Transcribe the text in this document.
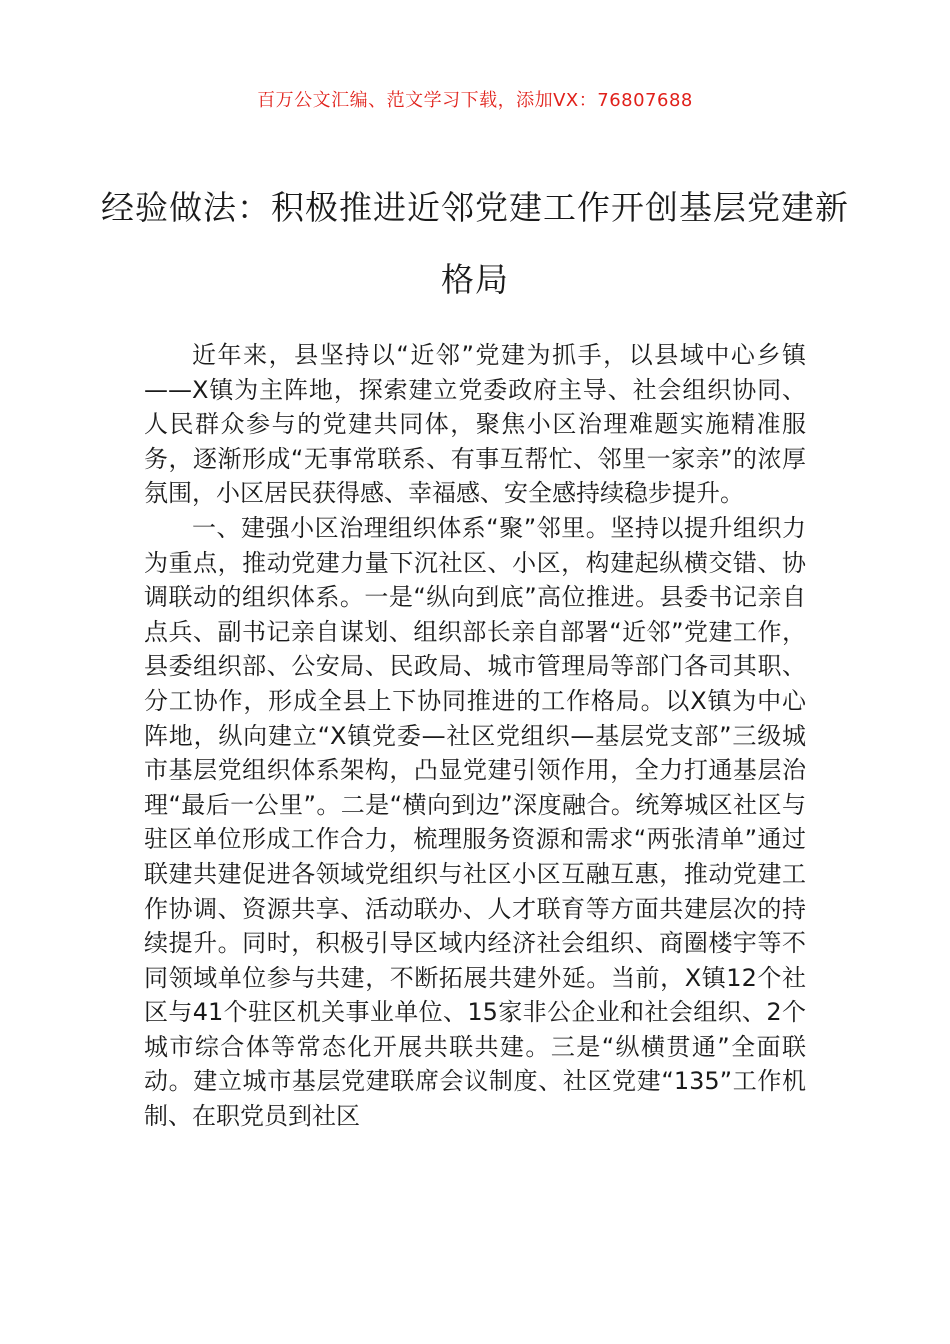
百万公文汇编、范文学习下载，添加VX：76807688
经验做法：积极推进近邻党建工作开创基层党建新格局

近年来，县坚持以“近邻”党建为抓手，以县域中心乡镇——X镇为主阵地，探索建立党委政府主导、社会组织协同、人民群众参与的党建共同体，聚焦小区治理难题实施精准服务，逐渐形成“无事常联系、有事互帮忙、邻里一家亲”的浓厚氛围，小区居民获得感、幸福感、安全感持续稳步提升。

一、建强小区治理组织体系“聚”邻里。坚持以提升组织力为重点，推动党建力量下沉社区、小区，构建起纵横交错、协调联动的组织体系。一是“纵向到底”高位推进。县委书记亲自点兵、副书记亲自谋划、组织部长亲自部署“近邻”党建工作，县委组织部、公安局、民政局、城市管理局等部门各司其职、分工协作，形成全县上下协同推进的工作格局。以X镇为中心阵地，纵向建立“X镇党委—社区党组织—基层党支部”三级城市基层党组织体系架构，凸显党建引领作用，全力打通基层治理“最后一公里”。二是“横向到边”深度融合。统筹城区社区与驻区单位形成工作合力，梳理服务资源和需求“两张清单”通过联建共建促进各领域党组织与社区小区互融互惠，推动党建工作协调、资源共享、活动联办、人才联育等方面共建层次的持续提升。同时，积极引导区域内经济社会组织、商圈楼宇等不同领域单位参与共建，不断拓展共建外延。当前，X镇12个社区与41个驻区机关事业单位、15家非公企业和社会组织、2个城市综合体等常态化开展共联共建。三是“纵横贯通”全面联动。建立城市基层党建联席会议制度、社区党建“135”工作机制、在职党员到社区
